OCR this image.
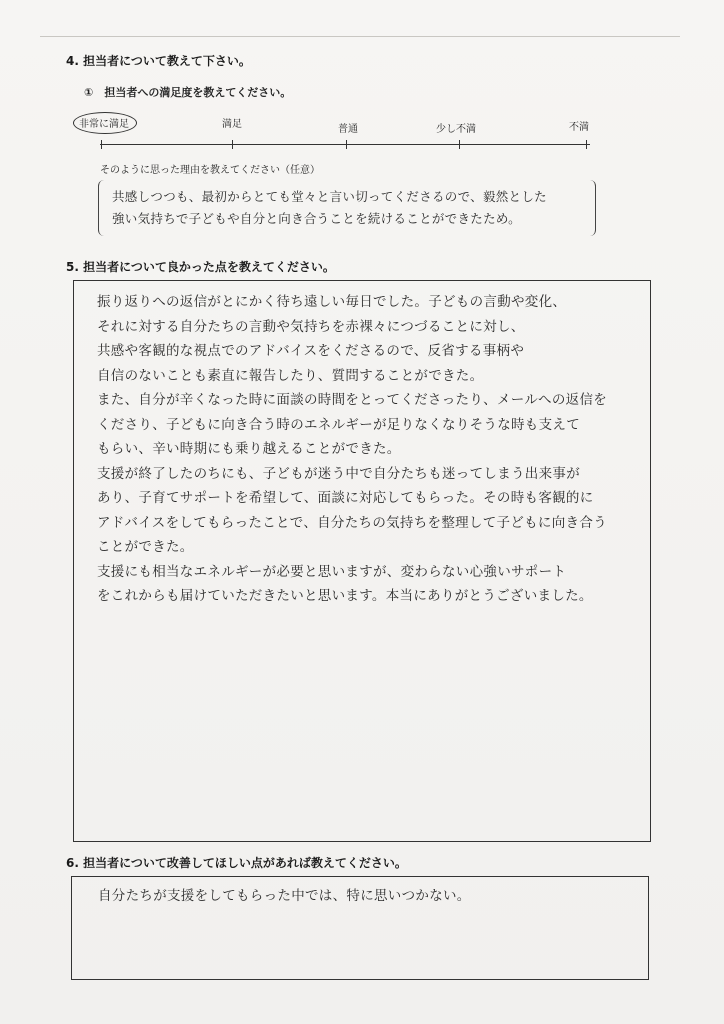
4. 担当者について教えて下さい。
①　担当者への満足度を教えてください。
非常に満足	満足	普通	少し不満	不満
そのように思った理由を教えてください（任意）
共感しつつも、最初からとても堂々と言い切ってくださるので、毅然とした
強い気持ちで子どもや自分と向き合うことを続けることができたため。
5. 担当者について良かった点を教えてください。
振り返りへの返信がとにかく待ち遠しい毎日でした。子どもの言動や変化、
それに対する自分たちの言動や気持ちを赤裸々につづることに対し、
共感や客観的な視点でのアドバイスをくださるので、反省する事柄や
自信のないことも素直に報告したり、質問することができた。
また、自分が辛くなった時に面談の時間をとってくださったり、メールへの返信を
くださり、子どもに向き合う時のエネルギーが足りなくなりそうな時も支えて
もらい、辛い時期にも乗り越えることができた。
支援が終了したのちにも、子どもが迷う中で自分たちも迷ってしまう出来事が
あり、子育てサポートを希望して、面談に対応してもらった。その時も客観的に
アドバイスをしてもらったことで、自分たちの気持ちを整理して子どもに向き合う
ことができた。
支援にも相当なエネルギーが必要と思いますが、変わらない心強いサポート
をこれからも届けていただきたいと思います。本当にありがとうございました。
6. 担当者について改善してほしい点があれば教えてください。
自分たちが支援をしてもらった中では、特に思いつかない。
